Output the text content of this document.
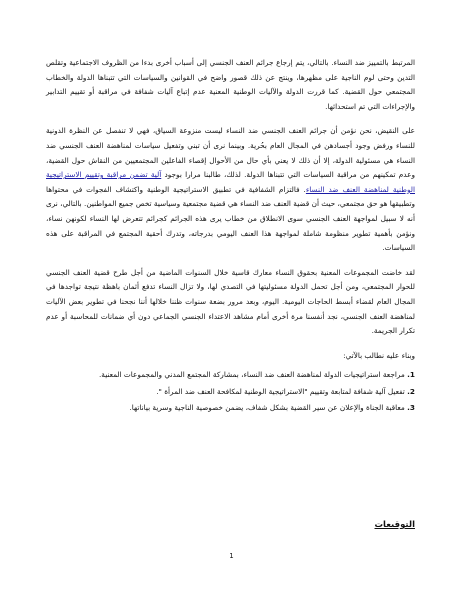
المرتبط بالتمييز ضد النساء. بالتالي، يتم إرجاع جرائم العنف الجنسي إلى أسباب أخرى بدءا من الظروف الاجتماعية وتقلص التدين وحتى لوم الناجية على مظهرها، وينتج عن ذلك قصور واضح في القوانين والسياسات التي تتبناها الدولة والخطاب المجتمعي حول القضية. كما قررت الدولة والآليات الوطنية المعنية عدم إتباع آليات شفافة في مراقبة أو تقييم التدابير والإجراءات التي تم استحداثها.

على النقيض، نحن نؤمن أن جرائم العنف الجنسي ضد النساء ليست منزوعة السياق، فهي لا تنفصل عن النظرة الدونية للنساء ورفض وجود أجسادهن في المجال العام بحُرية. وبينما نرى أن تبني وتفعيل سياسات لمناهضة العنف الجنسي ضد النساء هي مسئولية الدولة، إلا أن ذلك لا يعني بأي حال من الأحوال إقصاء الفاعلين المجتمعيين من النقاش حول القضية، وعدم تمكينهم من مراقبة السياسات التي تتبناها الدولة. لذلك، طالبنا مرارا بوجود آلية تضمن مراقبة وتقييم الاستراتيجية الوطنية لمناهضة العنف ضد النساء. فالتزام الشفافية في تطبيق الاستراتيجية الوطنية واكتشاف الفجوات في محتواها وتطبيقها هو حق مجتمعي، حيث أن قضية العنف ضد النساء هي قضية مجتمعية وسياسية تخص جميع المواطنين. بالتالي، نرى أنه لا سبيل لمواجهة العنف الجنسي سوى الانطلاق من خطاب يرى هذه الجرائم كجرائم تتعرض لها النساء لكونهن نساء، ونؤمن بأهمية تطوير منظومة شاملة لمواجهة هذا العنف اليومي بدرجاته، وتدرك أحقية المجتمع في المراقبة على هذه السياسات.

لقد خاضت المجموعات المعنية بحقوق النساء معارك قاسية خلال السنوات الماضية من أجل طرح قضية العنف الجنسي للحوار المجتمعي، ومن أجل تحمل الدولة مسئوليتها في التصدي لها، ولا تزال النساء تدفع أثمان باهظة نتيجة تواجدها في المجال العام لقضاء أبسط الحاجات اليومية. اليوم، وبعد مرور بضعة سنوات ظننا خلالها أننا نجحنا في تطوير بعض الآليات لمناهضة العنف الجنسي، نجد أنفسنا مرة أخرى أمام مشاهد الاعتداء الجنسي الجماعي دون أي ضمانات للمحاسبة أو عدم تكرار الجريمة.

وبناء عليه نطالب بالآتي:

1. مراجعة استراتيجيات الدولة لمناهضة العنف ضد النساء، بمشاركة المجتمع المدني والمجموعات المعنية.
2. تفعيل آلية شفافة لمتابعة وتقييم "الاستراتيجية الوطنية لمكافحة العنف ضد المرأة ".
3. معاقبة الجناة والإعلان عن سير القضية بشكل شفاف، يضمن خصوصية الناجية وسرية بياناتها.
التوقيعات
1
